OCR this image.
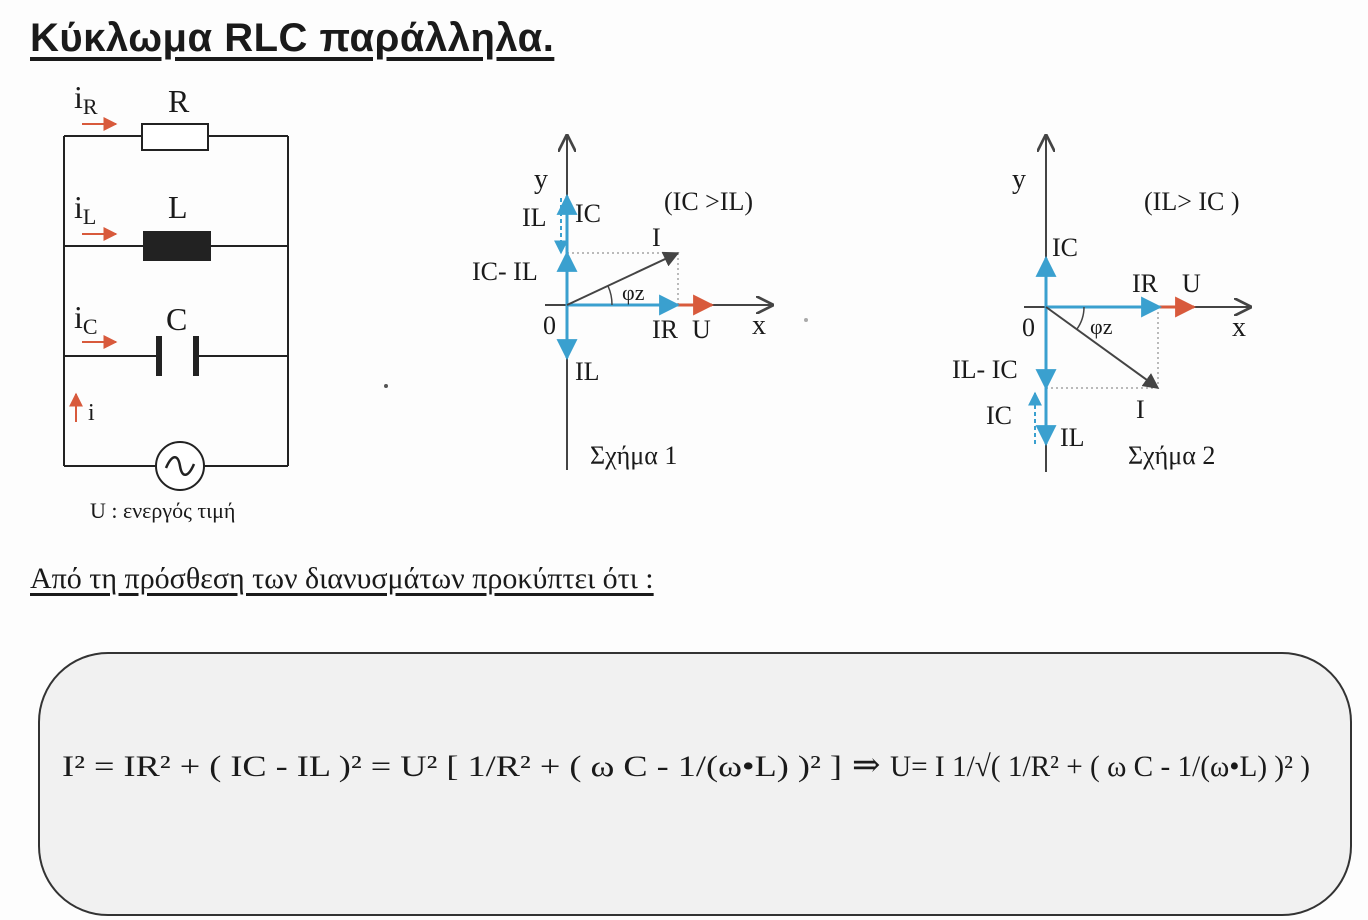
Κύκλωμα RLC παράλληλα.
iR
iL
iC
R
L
C
i
U : ενεργός τιμή
y
x
0
IC
IL
IC- IL
I
φz
IR U
IL
(IC >IL)
Σχήμα 1
y
x
0
IC
IR U
φz
IL- IC
I
IC
IL
(IL> IC )
Σχήμα 2
Από τη πρόσθεση των διανυσμάτων προκύπτει ότι :
I² = IR² + ( IC - IL )² = U² [ 1/R² + ( ω C - 1/(ω•L) )² ] ⇒ U= I 1/√( 1/R² + ( ω C - 1/(ω•L) )² )
